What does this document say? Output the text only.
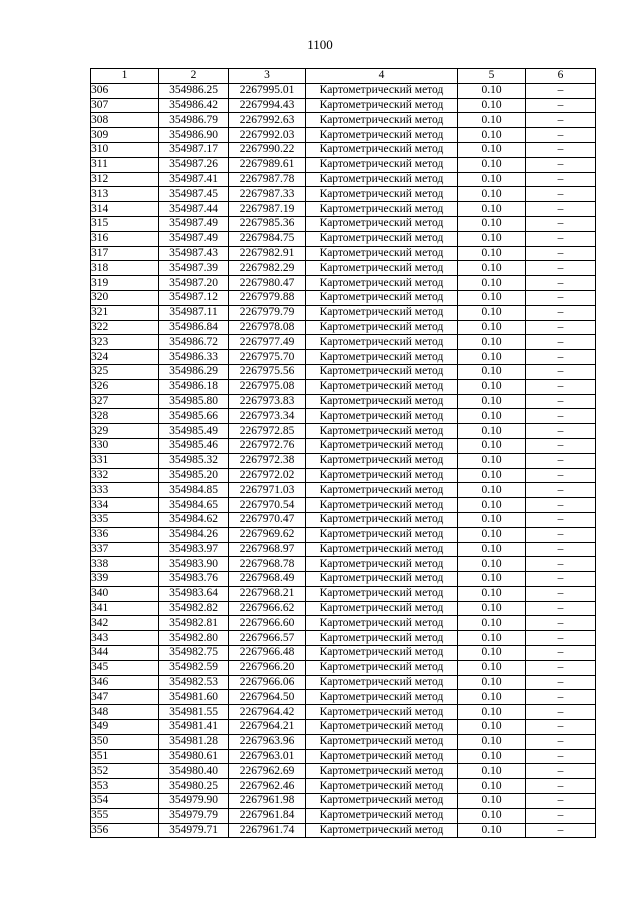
1100
1	2	3	4	5	6
306	354986.25	2267995.01	Картометрический метод	0.10	–
307	354986.42	2267994.43	Картометрический метод	0.10	–
308	354986.79	2267992.63	Картометрический метод	0.10	–
309	354986.90	2267992.03	Картометрический метод	0.10	–
310	354987.17	2267990.22	Картометрический метод	0.10	–
311	354987.26	2267989.61	Картометрический метод	0.10	–
312	354987.41	2267987.78	Картометрический метод	0.10	–
313	354987.45	2267987.33	Картометрический метод	0.10	–
314	354987.44	2267987.19	Картометрический метод	0.10	–
315	354987.49	2267985.36	Картометрический метод	0.10	–
316	354987.49	2267984.75	Картометрический метод	0.10	–
317	354987.43	2267982.91	Картометрический метод	0.10	–
318	354987.39	2267982.29	Картометрический метод	0.10	–
319	354987.20	2267980.47	Картометрический метод	0.10	–
320	354987.12	2267979.88	Картометрический метод	0.10	–
321	354987.11	2267979.79	Картометрический метод	0.10	–
322	354986.84	2267978.08	Картометрический метод	0.10	–
323	354986.72	2267977.49	Картометрический метод	0.10	–
324	354986.33	2267975.70	Картометрический метод	0.10	–
325	354986.29	2267975.56	Картометрический метод	0.10	–
326	354986.18	2267975.08	Картометрический метод	0.10	–
327	354985.80	2267973.83	Картометрический метод	0.10	–
328	354985.66	2267973.34	Картометрический метод	0.10	–
329	354985.49	2267972.85	Картометрический метод	0.10	–
330	354985.46	2267972.76	Картометрический метод	0.10	–
331	354985.32	2267972.38	Картометрический метод	0.10	–
332	354985.20	2267972.02	Картометрический метод	0.10	–
333	354984.85	2267971.03	Картометрический метод	0.10	–
334	354984.65	2267970.54	Картометрический метод	0.10	–
335	354984.62	2267970.47	Картометрический метод	0.10	–
336	354984.26	2267969.62	Картометрический метод	0.10	–
337	354983.97	2267968.97	Картометрический метод	0.10	–
338	354983.90	2267968.78	Картометрический метод	0.10	–
339	354983.76	2267968.49	Картометрический метод	0.10	–
340	354983.64	2267968.21	Картометрический метод	0.10	–
341	354982.82	2267966.62	Картометрический метод	0.10	–
342	354982.81	2267966.60	Картометрический метод	0.10	–
343	354982.80	2267966.57	Картометрический метод	0.10	–
344	354982.75	2267966.48	Картометрический метод	0.10	–
345	354982.59	2267966.20	Картометрический метод	0.10	–
346	354982.53	2267966.06	Картометрический метод	0.10	–
347	354981.60	2267964.50	Картометрический метод	0.10	–
348	354981.55	2267964.42	Картометрический метод	0.10	–
349	354981.41	2267964.21	Картометрический метод	0.10	–
350	354981.28	2267963.96	Картометрический метод	0.10	–
351	354980.61	2267963.01	Картометрический метод	0.10	–
352	354980.40	2267962.69	Картометрический метод	0.10	–
353	354980.25	2267962.46	Картометрический метод	0.10	–
354	354979.90	2267961.98	Картометрический метод	0.10	–
355	354979.79	2267961.84	Картометрический метод	0.10	–
356	354979.71	2267961.74	Картометрический метод	0.10	–
